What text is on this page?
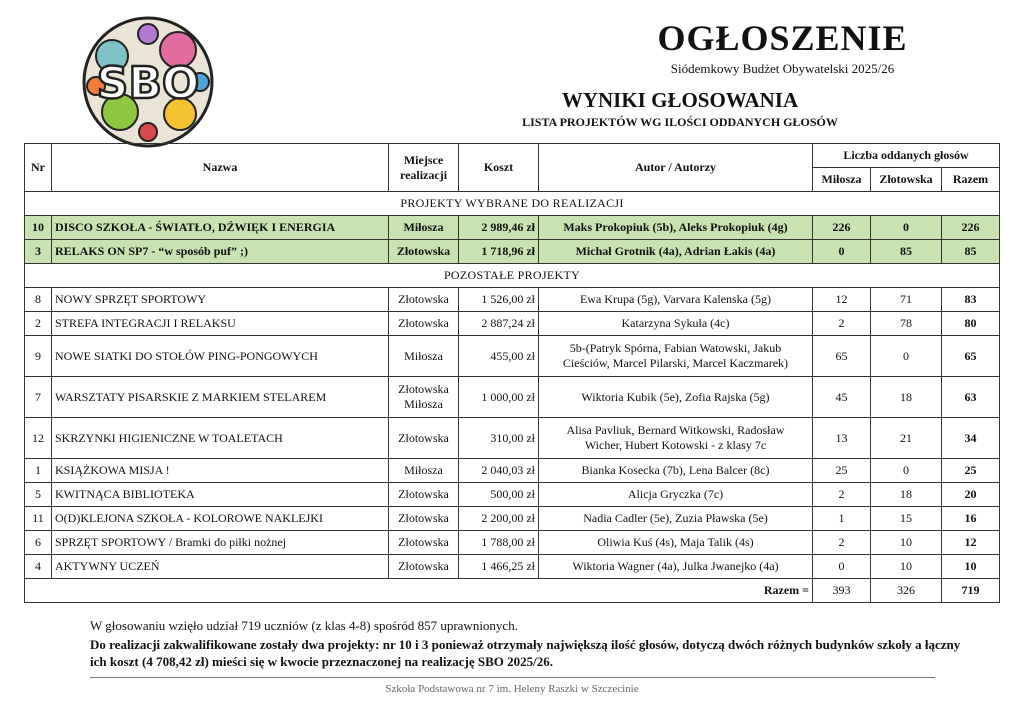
SBO
OGŁOSZENIE
Siódemkowy Budżet Obywatelski 2025/26
WYNIKI GŁOSOWANIA
LISTA PROJEKTÓW WG ILOŚCI ODDANYCH GŁOSÓW
Nr	Nazwa	Miejsce
realizacji	Koszt	Autor / Autorzy	Liczba oddanych głosów		
					Miłosza	Złotowska	Razem
PROJEKTY WYBRANE DO REALIZACJI							
10	DISCO SZKOŁA - ŚWIATŁO, DŹWIĘK I ENERGIA	Miłosza	2 989,46 zł	Maks Prokopiuk (5b), Aleks Prokopiuk (4g)	226	0	226
3	RELAKS ON SP7 - “w sposób puf” ;)	Złotowska	1 718,96 zł	Michał Grotnik (4a), Adrian Łakis (4a)	0	85	85
POZOSTAŁE PROJEKTY							
8	NOWY SPRZĘT SPORTOWY	Złotowska	1 526,00 zł	Ewa Krupa (5g), Varvara Kalenska (5g)	12	71	83
2	STREFA INTEGRACJI I RELAKSU	Złotowska	2 887,24 zł	Katarzyna Sykuła (4c)	2	78	80
9	NOWE SIATKI DO STOŁÓW PING-PONGOWYCH	Miłosza	455,00 zł	5b-(Patryk Spórna, Fabian Watowski, Jakub
Cieściów, Marcel Pilarski, Marcel Kaczmarek)	65	0	65
7	WARSZTATY PISARSKIE Z MARKIEM STELAREM	Złotowska
Miłosza	1 000,00 zł	Wiktoria Kubik (5e), Zofia Rajska (5g)	45	18	63
12	SKRZYNKI HIGIENICZNE W TOALETACH	Złotowska	310,00 zł	Alisa Pavliuk, Bernard Witkowski, Radosław
Wicher, Hubert Kotowski - z klasy 7c	13	21	34
1	KSIĄŻKOWA MISJA !	Miłosza	2 040,03 zł	Bianka Kosecka (7b), Lena Balcer (8c)	25	0	25
5	KWITNĄCA BIBLIOTEKA	Złotowska	500,00 zł	Alicja Gryczka (7c)	2	18	20
11	O(D)KLEJONA SZKOŁA - KOLOROWE NAKLEJKI	Złotowska	2 200,00 zł	Nadia Cadler (5e), Zuzia Pławska (5e)	1	15	16
6	SPRZĘT SPORTOWY / Bramki do piłki nożnej	Złotowska	1 788,00 zł	Oliwia Kuś (4s), Maja Talik (4s)	2	10	12
4	AKTYWNY UCZEŃ	Złotowska	1 466,25 zł	Wiktoria Wagner (4a), Julka Jwanejko (4a)	0	10	10
Razem =					393	326	719
W głosowaniu wzięło udział 719 uczniów (z klas 4-8) spośród 857 uprawnionych.
Do realizacji zakwalifikowane zostały dwa projekty: nr 10 i 3 ponieważ otrzymały największą ilość głosów, dotyczą dwóch różnych budynków szkoły a łączny ich koszt (4 708,42 zł) mieści się w kwocie przeznaczonej na realizację SBO 2025/26.
Szkoła Podstawowa nr 7 im. Heleny Raszki w Szczecinie
